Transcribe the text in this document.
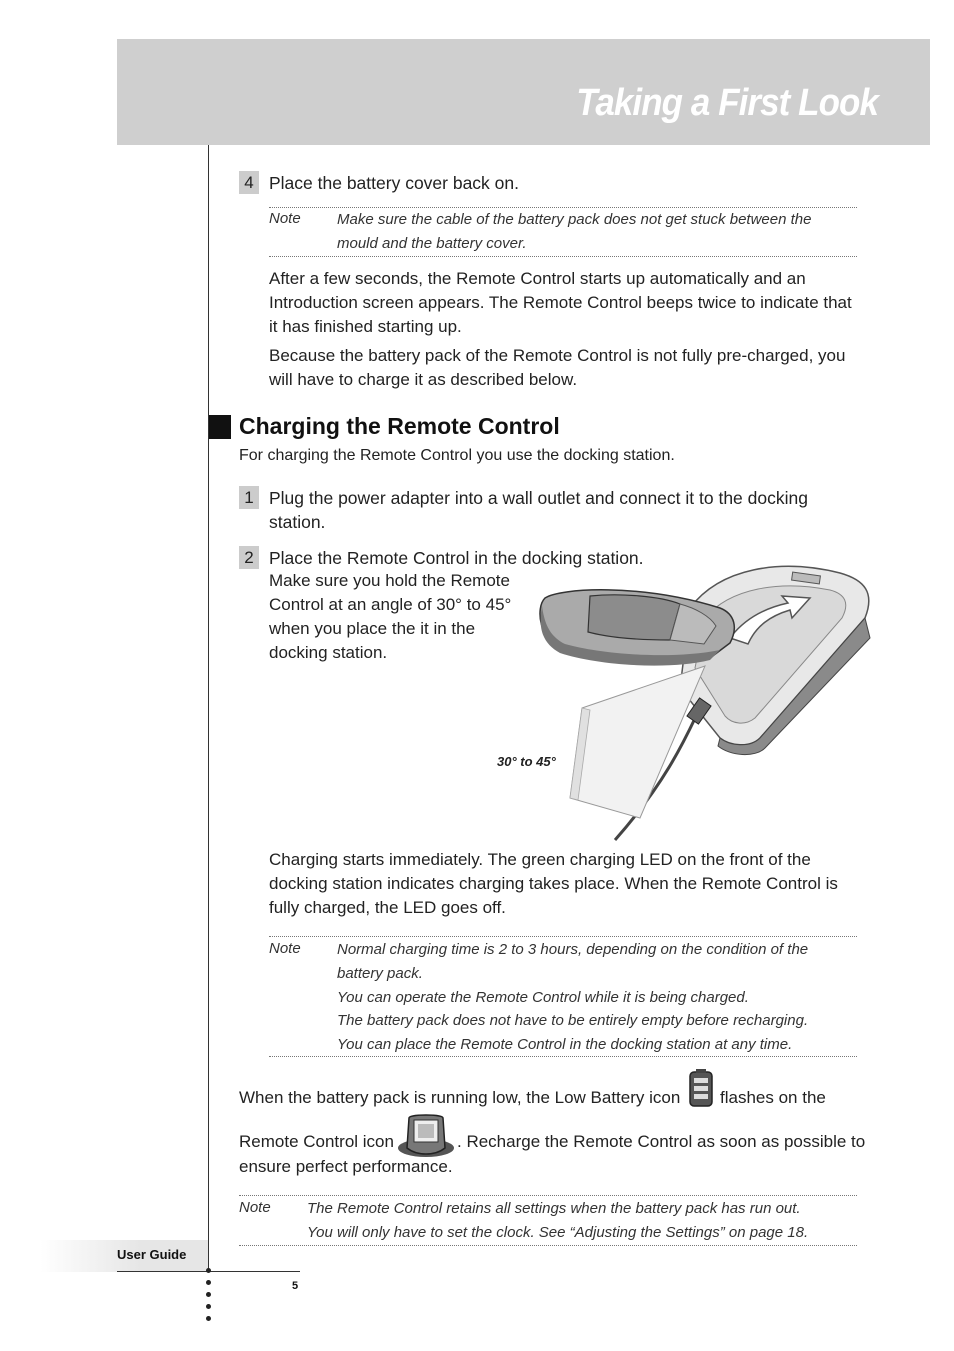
Taking a First Look
4 Place the battery cover back on.
Note Make sure the cable of the battery pack does not get stuck between the
mould and the battery cover.
After a few seconds, the Remote Control starts up automatically and an
Introduction screen appears. The Remote Control beeps twice to indicate that
it has finished starting up.
Because the battery pack of the Remote Control is not fully pre-charged, you
will have to charge it as described below.
Charging the Remote Control
For charging the Remote Control you use the docking station.
1 Plug the power adapter into a wall outlet and connect it to the docking
station.
2 Place the Remote Control in the docking station.
Make sure you hold the Remote
Control at an angle of 30° to 45°
when you place the it in the
docking station.
30° to 45°
Charging starts immediately. The green charging LED on the front of the
docking station indicates charging takes place. When the Remote Control is
fully charged, the LED goes off.
Note Normal charging time is 2 to 3 hours, depending on the condition of the
battery pack.
You can operate the Remote Control while it is being charged.
The battery pack does not have to be entirely empty before recharging.
You can place the Remote Control in the docking station at any time.
When the battery pack is running low, the Low Battery icon flashes on the
Remote Control icon	. Recharge the Remote Control as soon as possible to
ensure perfect performance.
Note The Remote Control retains all settings when the battery pack has run out.
You will only have to set the clock. See “Adjusting the Settings” on page 18.
User Guide
5
